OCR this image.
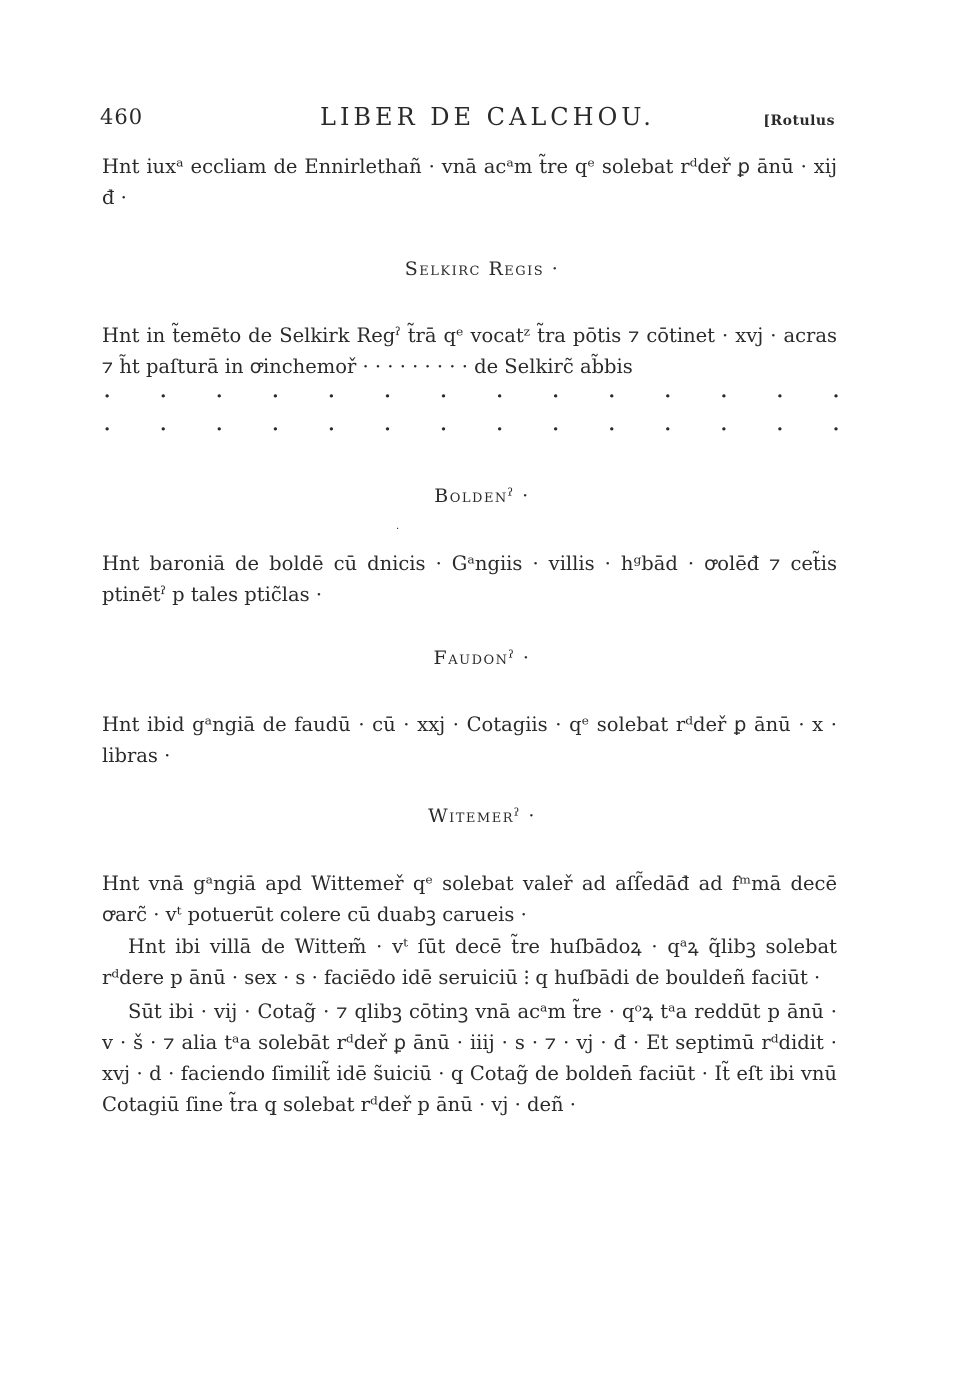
460	LIBER DE CALCHOU.	[Rotulus

Hnt iuxᵃ eccliam de Ennirlethañ · vnā acᵃm t̃re qᵉ solebat rᵈdeř ꝑ ānū · xij đ ·

Selkirc Regis ·

Hnt in t̃emēto de Selkirk Regˀ t̃rā qᵉ vocatᶻ t̃ra pōtis ⁊ cōtinet · xvj · acras ⁊ h̃t paſturā in ꝍinchemoř · · · · · · · · · de Selkirc̃ ab̃bis

·	·	·	·	·	·	·	·	·	·	·	·	·	·
·	·	·	·	·	·	·	·	·	·	·	·	·	·
Boldenˀ ·
·

Hnt baroniā de boldē cū dnicis · Gᵃngiis · villis · hᵍbād · ꝍolēđ ⁊ cet̃is ptinētˀ p tales ptic̃las ·

Faudonˀ ·

Hnt ibid gᵃngiā de faudū · cū · xxj · Cotagiis · qᵉ solebat rᵈdeř ꝑ ānū · x · libras ·

Witemerˀ ·

Hnt vnā gᵃngiā apd Wittemeř qᵉ solebat valeř ad aſſ̃edāđ ad fᵐmā decē ꝍarc̃ · vᵗ potuerūt colere cū duabꝫ carueis ·

Hnt ibi villā de Wittem̃ · vᵗ ſūt decē t̃re huſbādoꝝ · qᵃꝝ q̃libꝫ solebat rᵈdere p ānū · sex · s · faciēdo idē seruiciū ⁝ q huſbādi de bouldeñ faciūt ·

Sūt ibi · vij · Cotag̃ · ⁊ qlibꝫ cōtinꝫ vnā acᵃm t̃re · qᵒꝝ tᵃa reddūt p ānū · v · š · ⁊ alia tᵃa solebāt rᵈdeř ꝑ ānū · iiij · s · ⁊ · vj · đ · Et septimū rᵈdidit · xvj · d · faciendo ſimilit̃ idē s̃uiciū · q̧ Cotag̃ de bolden̄ faciūt · It̃ eſt ibi vnū Cotagiū ſine t̃ra q̧ solebat rᵈdeř p ānū · vj · deñ ·
